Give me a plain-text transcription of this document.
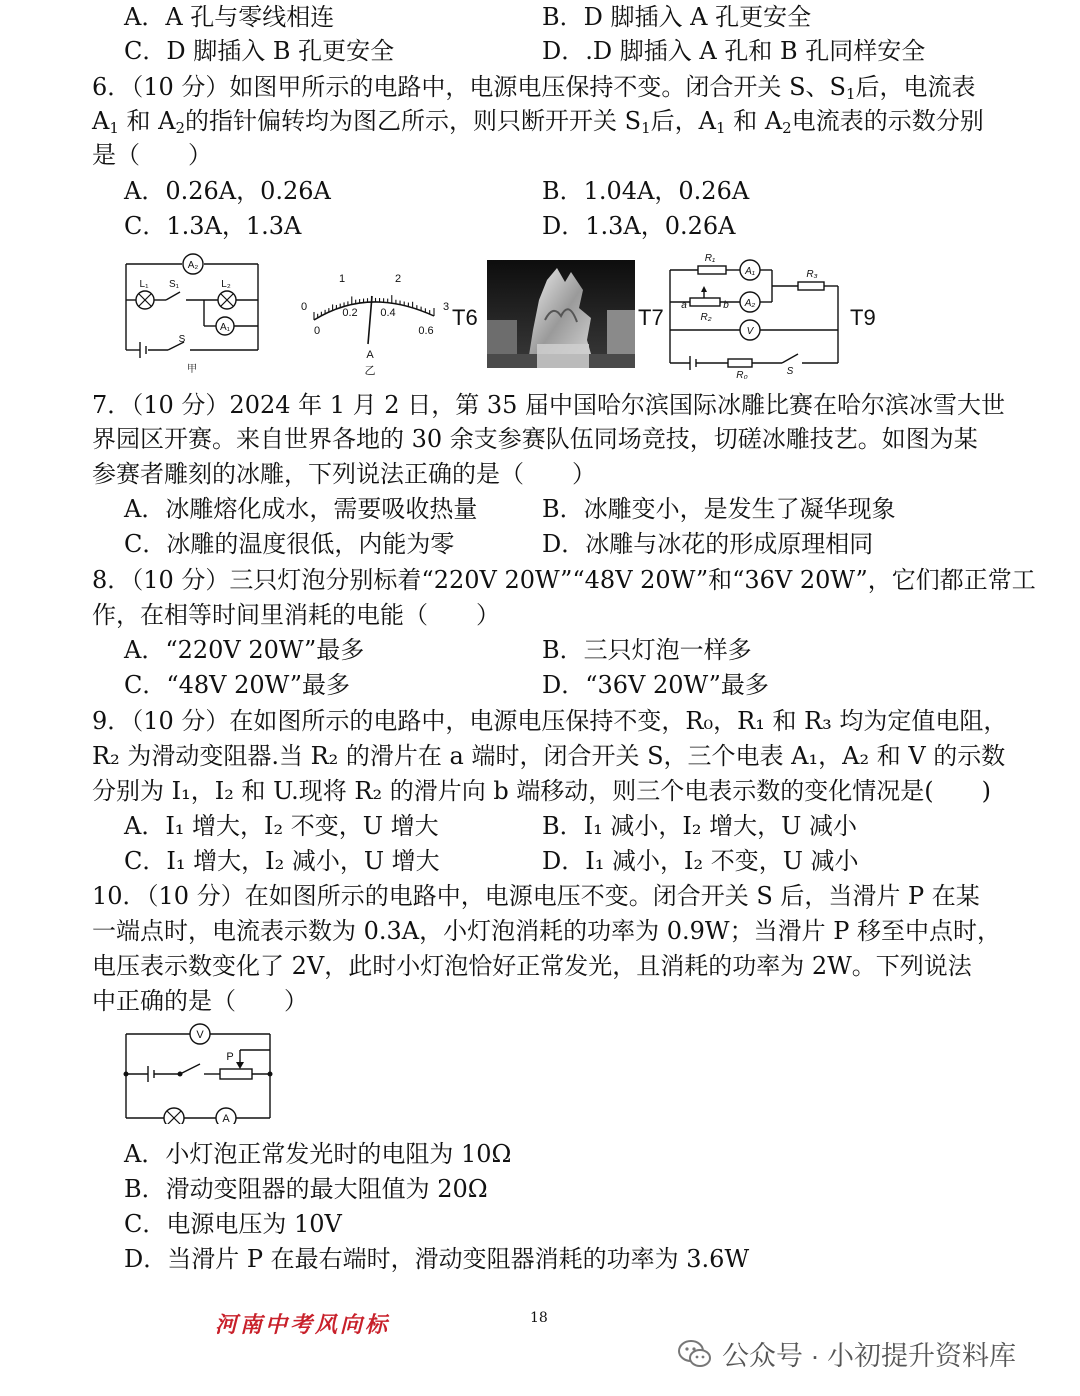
A．A 孔与零线相连	B．D 脚插入 A 孔更安全
C．D 脚插入 B 孔更安全	D．.D 脚插入 A 孔和 B 孔同样安全
6．（10 分）如图甲所示的电路中，电源电压保持不变。闭合开关 S、$S_1$后，电流表
$A_1$ 和 $A_2$的指针偏转均为图乙所示，则只断开开关 $S_1$后，$A_1$ 和 $A_2$电流表的示数分别
是（　　）
A．0.26A，0.26A	B．1.04A，0.26A
C．1.3A，1.3A	D．1.3A，0.26A
A₂
A₁
L₁ S₁	L₂
S
甲
0
1	2
3
0
0.2 0.4
0.6
A
乙
T6	T7	T9
A₁
A₂
V
R₁
R₃
a	b
R₂
R₀	S
7．（10 分）2024 年 1 月 2 日，第 35 届中国哈尔滨国际冰雕比赛在哈尔滨冰雪大世
界园区开赛。来自世界各地的 30 余支参赛队伍同场竞技，切磋冰雕技艺。如图为某
参赛者雕刻的冰雕，下列说法正确的是（　　）
A．冰雕熔化成水，需要吸收热量	B．冰雕变小，是发生了凝华现象
C．冰雕的温度很低，内能为零	D．冰雕与冰花的形成原理相同
8．（10 分）三只灯泡分别标着“220V 20W”“48V 20W”和“36V 20W”，它们都正常工
作，在相等时间里消耗的电能（　　）
A．“220V 20W”最多	B．三只灯泡一样多
C．“48V 20W”最多	D．“36V 20W”最多
9．（10 分）在如图所示的电路中，电源电压保持不变，R₀，R₁ 和 R₃ 均为定值电阻，
R₂ 为滑动变阻器.当 R₂ 的滑片在 a 端时，闭合开关 S，三个电表 A₁，A₂ 和 V 的示数
分别为 I₁，I₂ 和 U.现将 R₂ 的滑片向 b 端移动，则三个电表示数的变化情况是(　　)
A．I₁ 增大，I₂ 不变，U 增大	B．I₁ 减小，I₂ 增大，U 减小
C．I₁ 增大，I₂ 减小，U 增大	D．I₁ 减小，I₂ 不变，U 减小
10．（10 分）在如图所示的电路中，电源电压不变。闭合开关 S 后，当滑片 P 在某
一端点时，电流表示数为 0.3A，小灯泡消耗的功率为 0.9W；当滑片 P 移至中点时，
电压表示数变化了 2V，此时小灯泡恰好正常发光，且消耗的功率为 2W。下列说法
中正确的是（　　）
V
A
P
A．小灯泡正常发光时的电阻为 10Ω
B．滑动变阻器的最大阻值为 20Ω
C．电源电压为 10V
D．当滑片 P 在最右端时，滑动变阻器消耗的功率为 3.6W
河南中考风向标	18
公众号 · 小初提升资料库
